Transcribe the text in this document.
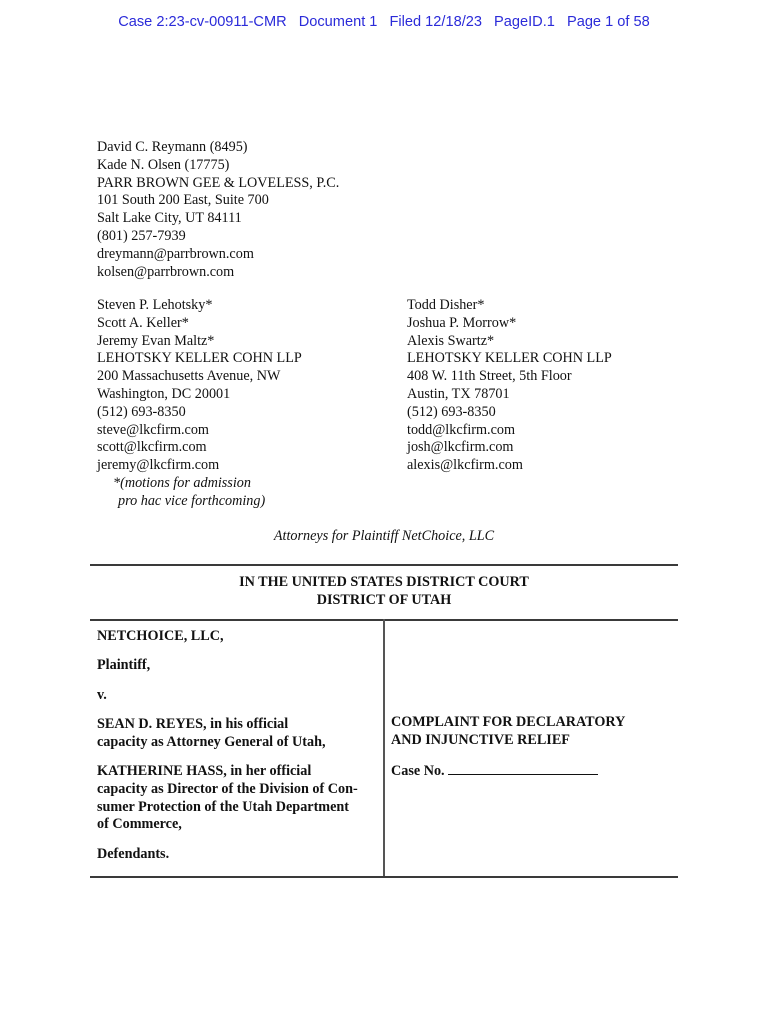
Case 2:23-cv-00911-CMR Document 1 Filed 12/18/23 PageID.1 Page 1 of 58
David C. Reymann (8495)
Kade N. Olsen (17775)
PARR BROWN GEE & LOVELESS, P.C.
101 South 200 East, Suite 700
Salt Lake City, UT 84111
(801) 257-7939
dreymann@parrbrown.com
kolsen@parrbrown.com
Steven P. Lehotsky*
Scott A. Keller*
Jeremy Evan Maltz*
LEHOTSKY KELLER COHN LLP
200 Massachusetts Avenue, NW
Washington, DC 20001
(512) 693-8350
steve@lkcfirm.com
scott@lkcfirm.com
jeremy@lkcfirm.com
*(motions for admission
pro hac vice forthcoming)
Todd Disher*
Joshua P. Morrow*
Alexis Swartz*
LEHOTSKY KELLER COHN LLP
408 W. 11th Street, 5th Floor
Austin, TX 78701
(512) 693-8350
todd@lkcfirm.com
josh@lkcfirm.com
alexis@lkcfirm.com
Attorneys for Plaintiff NetChoice, LLC
IN THE UNITED STATES DISTRICT COURT
DISTRICT OF UTAH
NETCHOICE, LLC,
Plaintiff,
v.
SEAN D. REYES, in his official
capacity as Attorney General of Utah,
KATHERINE HASS, in her official
capacity as Director of the Division of Con-
sumer Protection of the Utah Department
of Commerce,
Defendants.
COMPLAINT FOR DECLARATORY
AND INJUNCTIVE RELIEF
Case No.
